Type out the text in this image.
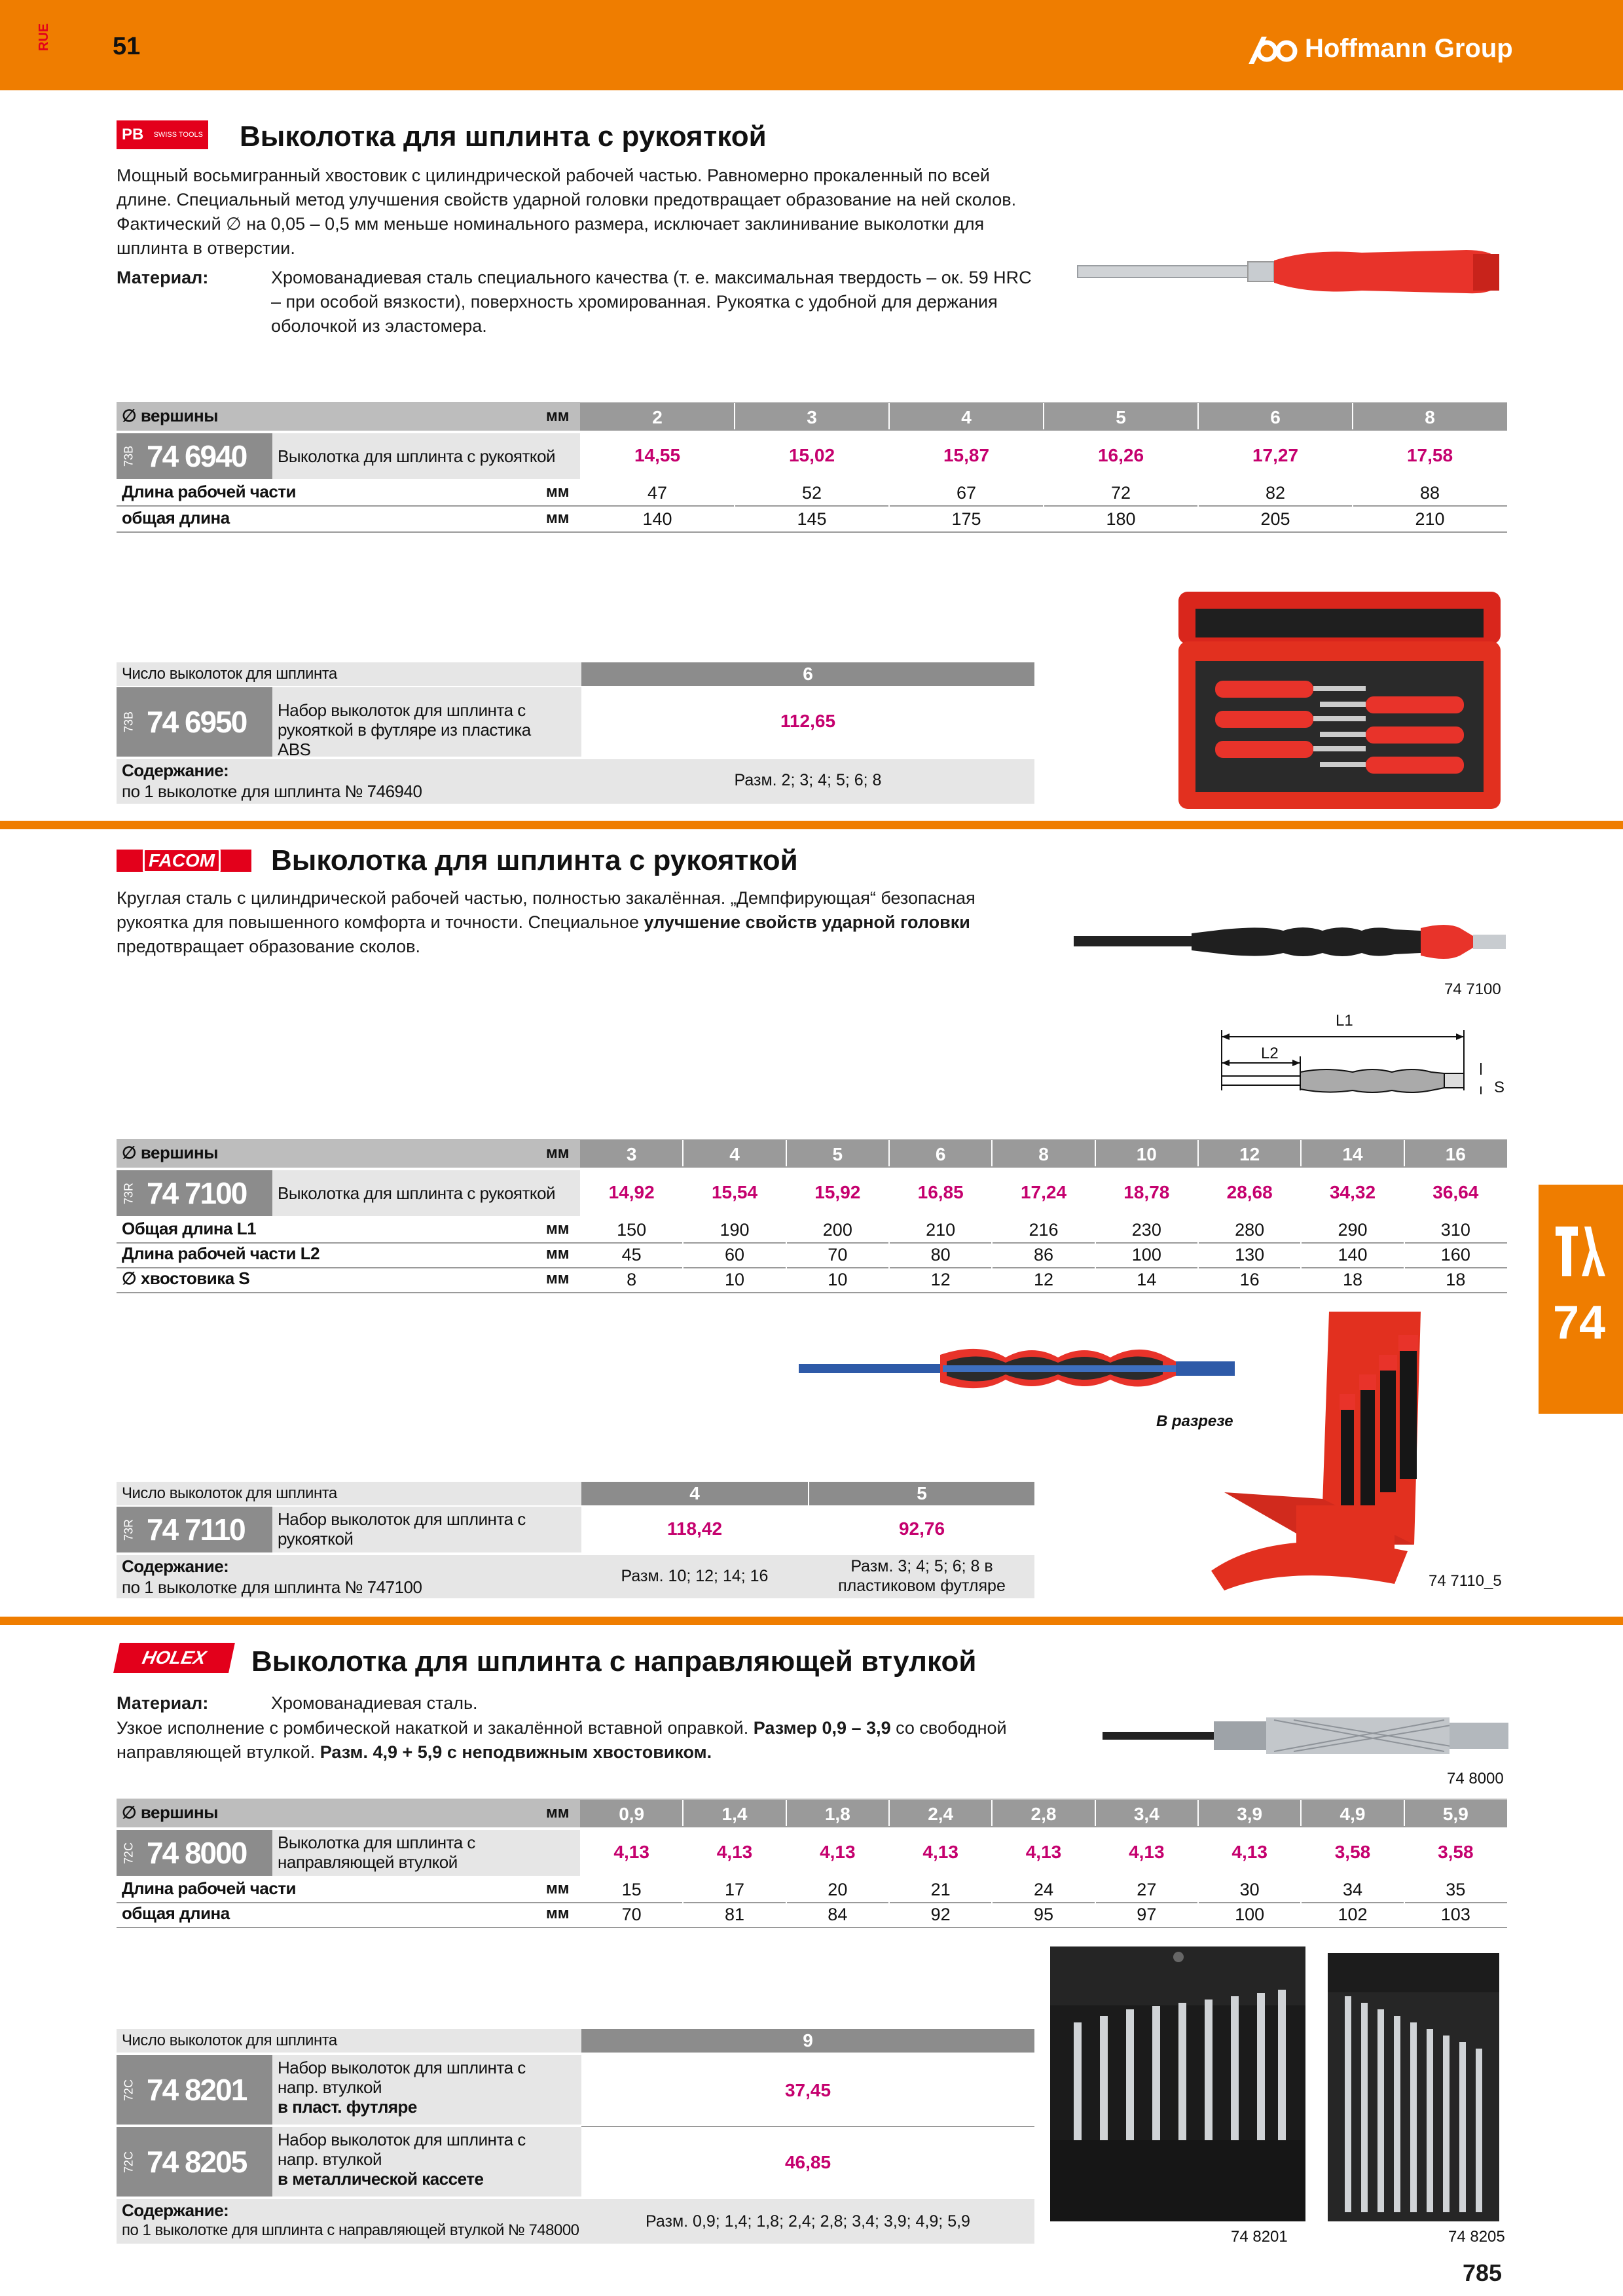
RUE 51	Hoffmann Group
74
PB SWISS TOOLS Выколотка для шплинта с рукояткой
Мощный восьмигранный хвостовик с цилиндрической рабочей частью. Равномерно прокаленный по всей длине. Специальный метод улучшения свойств ударной головки предотвращает образование на ней сколов. Фактический ∅ на 0,05 – 0,5 мм меньше номинального размера, исключает заклинивание выколотки для шплинта в отверстии.
Материал:	Хромованадиевая сталь специального качества (т. е. максимальная твердость – ок. 59 HRC – при особой вязкости), поверхность хромированная. Рукоятка с удобной для держания оболочкой из эластомера.
∅ вершины	мм	2	3	4	5	6	8
73B 74 6940 Выколотка для шплинта с рукояткой	14,55	15,02	15,87	16,26	17,27	17,58
Длина рабочей части	мм	47	52	67	72	82	88
общая длина	мм	140	145	175	180	205	210
Число выколоток для шплинта	6
73B 74 6950 Набор выколоток для шплинта с рукояткой в футляре из пластика ABS
112,65
Содержание:
по 1 выколотке для шплинта № 746940
Разм. 2; 3; 4; 5; 6; 8
FACOM Выколотка для шплинта с рукояткой
Круглая сталь с цилиндрической рабочей частью, полностью закалённая. „Демпфирующая“ безопасная рукоятка для повышенного комфорта и точности. Специальное улучшение свойств ударной головки предотвращает образование сколов.
74 7100
L1
L2
S
∅ вершины	мм	3	4	5	6	8	10	12	14	16
73R 74 7100 Выколотка для шплинта с рукояткой	14,92	15,54	15,92	16,85	17,24	18,78	28,68	34,32	36,64
Общая длина L1	мм	150	190	200	210	216	230	280	290	310
Длина рабочей части L2	мм	45	60	70	80	86	100	130	140	160
∅ хвостовика S	мм	8	10	10	12	12	14	16	18	18
В разрезе
74 7110_5
Число выколоток для шплинта	4	5
73R 74 7110 Набор выколоток для шплинта с рукояткой	118,42	92,76
Содержание:
по 1 выколотке для шплинта № 747100
Разм. 10; 12; 14; 16
Разм. 3; 4; 5; 6; 8 в пластиковом футляре
HOLEX Выколотка для шплинта с направляющей втулкой
Материал:	Хромованадиевая сталь.
Узкое исполнение с ромбической накаткой и закалённой вставной оправкой. Размер 0,9 – 3,9 со свободной направляющей втулкой. Разм. 4,9 + 5,9 с неподвижным хвостовиком.
74 8000
∅ вершины	мм	0,9	1,4	1,8	2,4	2,8	3,4	3,9	4,9	5,9
72C 74 8000 Выколотка для шплинта с направляющей втулкой	4,13	4,13	4,13	4,13	4,13	4,13	4,13	3,58	3,58
Длина рабочей части	мм	15	17	20	21	24	27	30	34	35
общая длина	мм	70	81	84	92	95	97	100	102	103
74 8201	74 8205
Число выколоток для шплинта	9
72C 74 8201
Набор выколоток для шплинта с напр. втулкой
в пласт. футляре
37,45
72C 74 8205
Набор выколоток для шплинта с напр. втулкой
в металлической кассете
46,85
Содержание:
по 1 выколотке для шплинта с направляющей втулкой № 748000	Разм. 0,9; 1,4; 1,8; 2,4; 2,8; 3,4; 3,9; 4,9; 5,9
785
